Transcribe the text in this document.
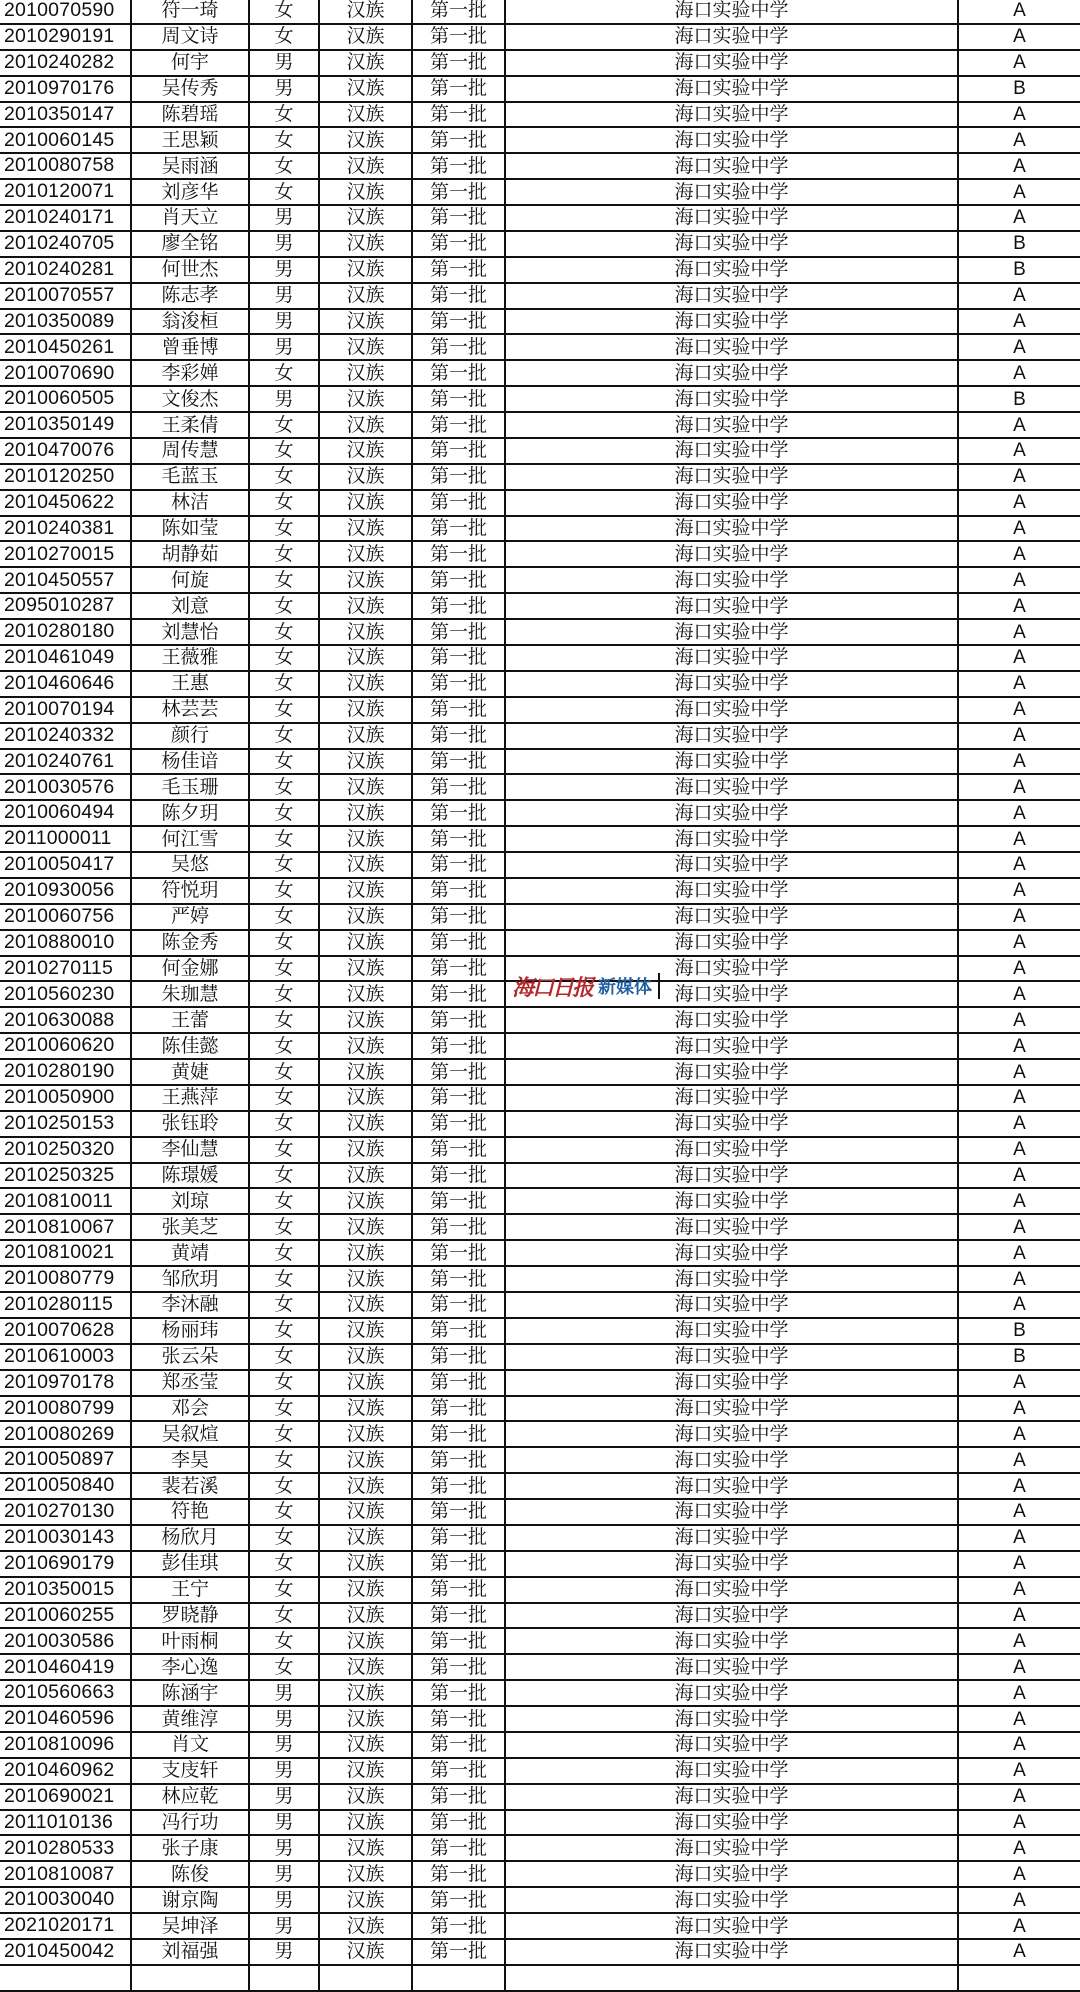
2010070590	符一琦	女	汉族	第一批	海口实验中学	A
2010290191	周文诗	女	汉族	第一批	海口实验中学	A
2010240282	何宇	男	汉族	第一批	海口实验中学	A
2010970176	吴传秀	男	汉族	第一批	海口实验中学	B
2010350147	陈碧瑶	女	汉族	第一批	海口实验中学	A
2010060145	王思颖	女	汉族	第一批	海口实验中学	A
2010080758	吴雨涵	女	汉族	第一批	海口实验中学	A
2010120071	刘彦华	女	汉族	第一批	海口实验中学	A
2010240171	肖天立	男	汉族	第一批	海口实验中学	A
2010240705	廖全铭	男	汉族	第一批	海口实验中学	B
2010240281	何世杰	男	汉族	第一批	海口实验中学	B
2010070557	陈志孝	男	汉族	第一批	海口实验中学	A
2010350089	翁浚桓	男	汉族	第一批	海口实验中学	A
2010450261	曾垂博	男	汉族	第一批	海口实验中学	A
2010070690	李彩婵	女	汉族	第一批	海口实验中学	A
2010060505	文俊杰	男	汉族	第一批	海口实验中学	B
2010350149	王柔倩	女	汉族	第一批	海口实验中学	A
2010470076	周传慧	女	汉族	第一批	海口实验中学	A
2010120250	毛蓝玉	女	汉族	第一批	海口实验中学	A
2010450622	林洁	女	汉族	第一批	海口实验中学	A
2010240381	陈如莹	女	汉族	第一批	海口实验中学	A
2010270015	胡静茹	女	汉族	第一批	海口实验中学	A
2010450557	何旋	女	汉族	第一批	海口实验中学	A
2095010287	刘意	女	汉族	第一批	海口实验中学	A
2010280180	刘慧怡	女	汉族	第一批	海口实验中学	A
2010461049	王薇雅	女	汉族	第一批	海口实验中学	A
2010460646	王惠	女	汉族	第一批	海口实验中学	A
2010070194	林芸芸	女	汉族	第一批	海口实验中学	A
2010240332	颜行	女	汉族	第一批	海口实验中学	A
2010240761	杨佳谙	女	汉族	第一批	海口实验中学	A
2010030576	毛玉珊	女	汉族	第一批	海口实验中学	A
2010060494	陈夕玥	女	汉族	第一批	海口实验中学	A
2011000011	何江雪	女	汉族	第一批	海口实验中学	A
2010050417	吴悠	女	汉族	第一批	海口实验中学	A
2010930056	符悦玥	女	汉族	第一批	海口实验中学	A
2010060756	严婷	女	汉族	第一批	海口实验中学	A
2010880010	陈金秀	女	汉族	第一批	海口实验中学	A
2010270115	何金娜	女	汉族	第一批	海口实验中学	A
2010560230	朱珈慧	女	汉族	第一批	海口实验中学	A
2010630088	王蕾	女	汉族	第一批	海口实验中学	A
2010060620	陈佳懿	女	汉族	第一批	海口实验中学	A
2010280190	黄婕	女	汉族	第一批	海口实验中学	A
2010050900	王燕萍	女	汉族	第一批	海口实验中学	A
2010250153	张钰聆	女	汉族	第一批	海口实验中学	A
2010250320	李仙慧	女	汉族	第一批	海口实验中学	A
2010250325	陈璟媛	女	汉族	第一批	海口实验中学	A
2010810011	刘琼	女	汉族	第一批	海口实验中学	A
2010810067	张美芝	女	汉族	第一批	海口实验中学	A
2010810021	黄靖	女	汉族	第一批	海口实验中学	A
2010080779	邹欣玥	女	汉族	第一批	海口实验中学	A
2010280115	李沐融	女	汉族	第一批	海口实验中学	A
2010070628	杨丽玮	女	汉族	第一批	海口实验中学	B
2010610003	张云朵	女	汉族	第一批	海口实验中学	B
2010970178	郑丞莹	女	汉族	第一批	海口实验中学	A
2010080799	邓会	女	汉族	第一批	海口实验中学	A
2010080269	吴叙煊	女	汉族	第一批	海口实验中学	A
2010050897	李昊	女	汉族	第一批	海口实验中学	A
2010050840	裴若溪	女	汉族	第一批	海口实验中学	A
2010270130	符艳	女	汉族	第一批	海口实验中学	A
2010030143	杨欣月	女	汉族	第一批	海口实验中学	A
2010690179	彭佳琪	女	汉族	第一批	海口实验中学	A
2010350015	王宁	女	汉族	第一批	海口实验中学	A
2010060255	罗晓静	女	汉族	第一批	海口实验中学	A
2010030586	叶雨桐	女	汉族	第一批	海口实验中学	A
2010460419	李心逸	女	汉族	第一批	海口实验中学	A
2010560663	陈涵宇	男	汉族	第一批	海口实验中学	A
2010460596	黄维淳	男	汉族	第一批	海口实验中学	A
2010810096	肖文	男	汉族	第一批	海口实验中学	A
2010460962	支庋轩	男	汉族	第一批	海口实验中学	A
2010690021	林应乾	男	汉族	第一批	海口实验中学	A
2011010136	冯行功	男	汉族	第一批	海口实验中学	A
2010280533	张子康	男	汉族	第一批	海口实验中学	A
2010810087	陈俊	男	汉族	第一批	海口实验中学	A
2010030040	谢京陶	男	汉族	第一批	海口实验中学	A
2021020171	吴坤泽	男	汉族	第一批	海口实验中学	A
2010450042	刘福强	男	汉族	第一批	海口实验中学	A
海口日报 新媒体
